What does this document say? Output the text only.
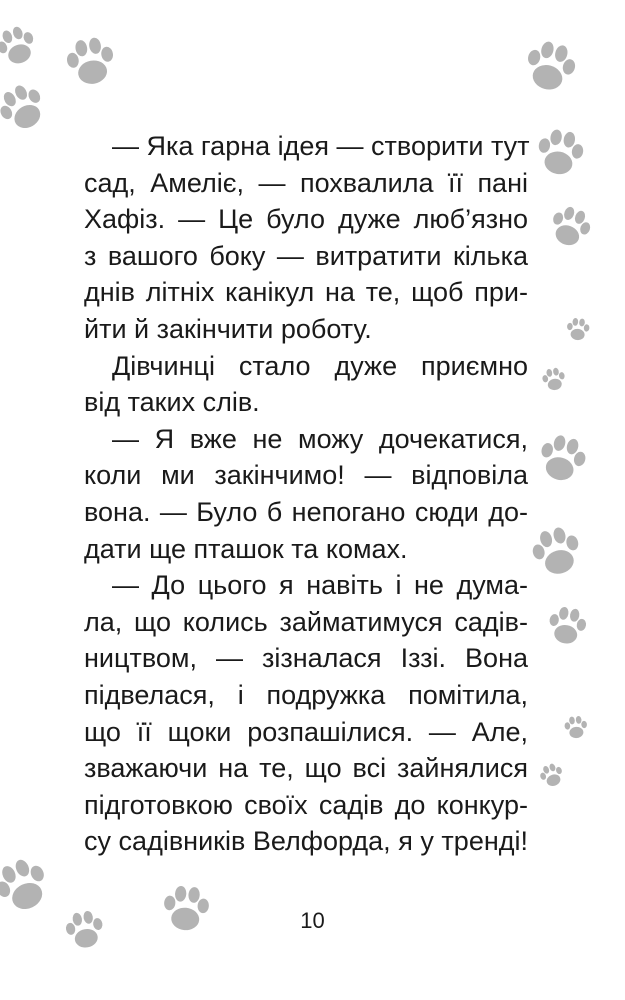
— Яка гарна ідея — створити тут
сад, Амеліє, — похвалила її пані
Хафіз. — Це було дуже люб’язно
з вашого боку — витратити кілька
днів літніх канікул на те, щоб при-
йти й закінчити роботу.
Дівчинці стало дуже приємно
від таких слів.
— Я вже не можу дочекатися,
коли ми закінчимо! — відповіла
вона. — Було б непогано сюди до-
дати ще пташок та комах.
— До цього я навіть і не дума-
ла, що колись займатимуся садів-
ництвом, — зізналася Іззі. Вона
підвелася, і подружка помітила,
що її щоки розпашілися. — Але,
зважаючи на те, що всі зайнялися
підготовкою своїх садів до конкур-
су садівників Велфорда, я у тренді!
10
